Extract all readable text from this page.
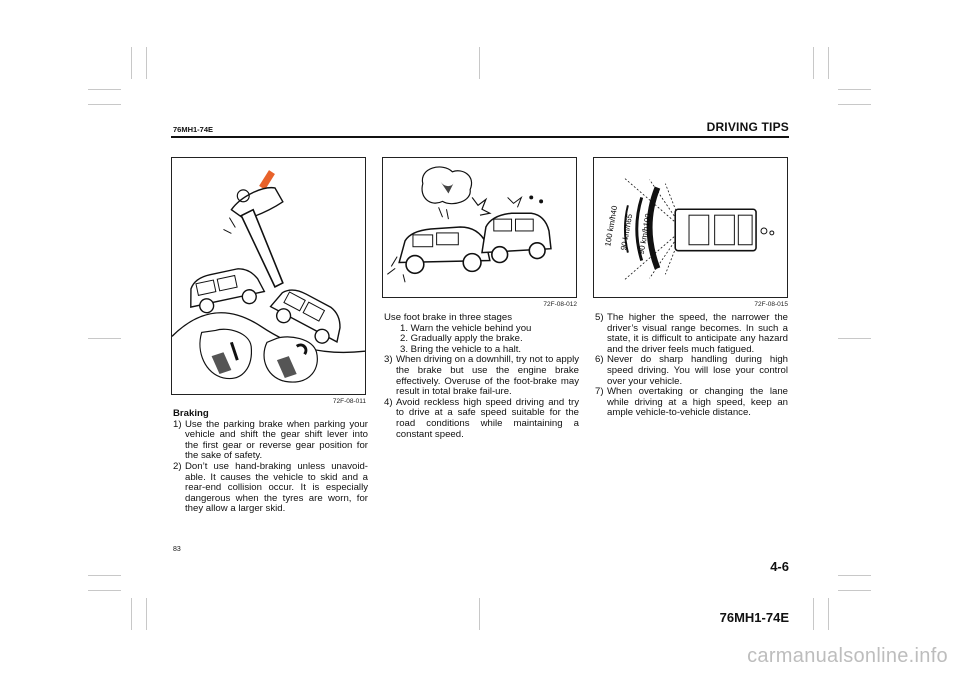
76MH1-74E	DRIVING TIPS
72F-08-011
72F-08-012
100 km/h40 90 km/h65 90 km/h100
72F-08-015
Braking
1) Use the parking brake when parking your vehicle and shift the gear shift lever into the first gear or reverse gear position for the sake of safety.
2) Don’t use hand-braking unless unavoid-able. It causes the vehicle to skid and a rear-end collision occur. It is especially dangerous when the tyres are worn, for they allow a larger skid.
Use foot brake in three stages
1. Warn the vehicle behind you
2. Gradually apply the brake.
3. Bring the vehicle to a halt.
3) When driving on a downhill, try not to apply the brake but use the engine brake effectively. Overuse of the foot-brake may result in total brake fail-ure.
4) Avoid reckless high speed driving and try to drive at a safe speed suitable for the road conditions while maintaining a constant speed.
5) The higher the speed, the narrower the driver’s visual range becomes. In such a state, it is difficult to anticipate any hazard and the driver feels much fatigued.
6) Never do sharp handling during high speed driving. You will lose your control over your vehicle.
7) When overtaking or changing the lane while driving at a high speed, keep an ample vehicle-to-vehicle distance.
83
4-6
76MH1-74E
carmanualsonline.info
